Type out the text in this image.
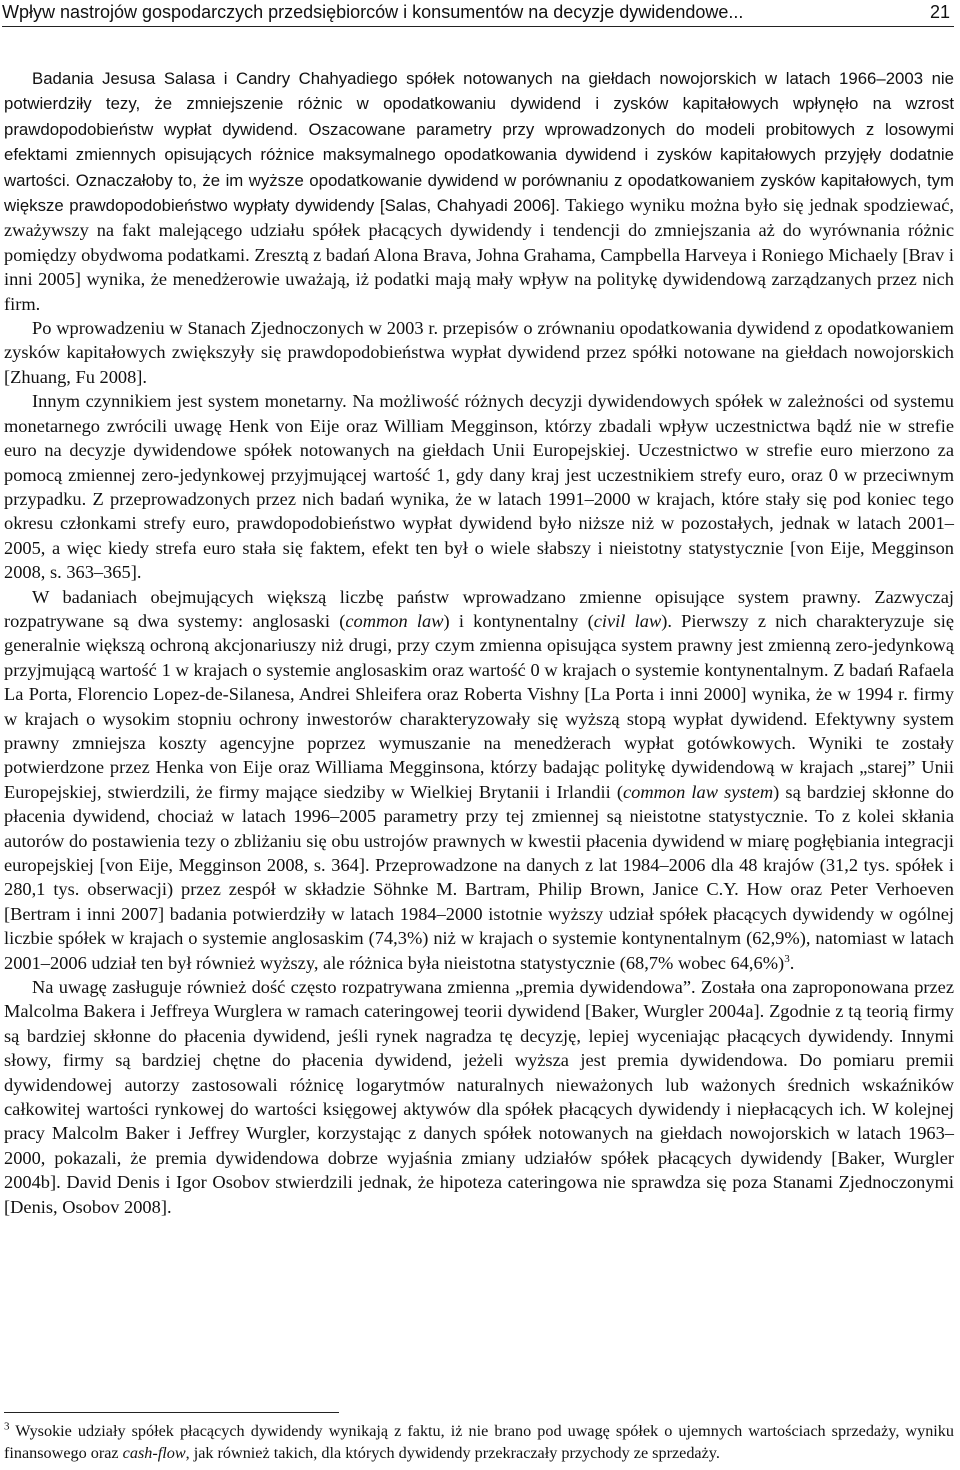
Wpływ nastrojów gospodarczych przedsiębiorców i konsumentów na decyzje dywidendowe...	21

Badania Jesusa Salasa i Candry Chahyadiego spółek notowanych na giełdach nowojorskich w latach 1966–2003 nie potwierdziły tezy, że zmniejszenie różnic w opodatkowaniu dywidend i zysków kapitałowych wpłynęło na wzrost prawdopodobieństw wypłat dywidend. Oszacowane parametry przy wprowadzonych do modeli probitowych z losowymi efektami zmiennych opisujących różnice maksymalnego opodatkowania dywidend i zysków kapitałowych przyjęły dodatnie wartości. Oznaczałoby to, że im wyższe opodatkowanie dywidend w porównaniu z opodatkowaniem zysków kapitałowych, tym większe prawdopodobieństwo wypłaty dywidendy [Salas, Chahyadi 2006]. Takiego wyniku można było się jednak spodziewać, zważywszy na fakt malejącego udziału spółek płacących dywidendy i tendencji do zmniejszania aż do wyrównania różnic pomiędzy obydwoma podatkami. Zresztą z badań Alona Brava, Johna Grahama, Campbella Harveya i Roniego Michaely [Brav i inni 2005] wynika, że menedżerowie uważają, iż podatki mają mały wpływ na politykę dywidendową zarządzanych przez nich firm.

Po wprowadzeniu w Stanach Zjednoczonych w 2003 r. przepisów o zrównaniu opodatkowania dywidend z opodatkowaniem zysków kapitałowych zwiększyły się prawdopodobieństwa wypłat dywidend przez spółki notowane na giełdach nowojorskich [Zhuang, Fu 2008].

Innym czynnikiem jest system monetarny. Na możliwość różnych decyzji dywidendowych spółek w zależności od systemu monetarnego zwrócili uwagę Henk von Eije oraz William Megginson, którzy zbadali wpływ uczestnictwa bądź nie w strefie euro na decyzje dywidendowe spółek notowanych na giełdach Unii Europejskiej. Uczestnictwo w strefie euro mierzono za pomocą zmiennej zero-jedynkowej przyjmującej wartość 1, gdy dany kraj jest uczestnikiem strefy euro, oraz 0 w przeciwnym przypadku. Z przeprowadzonych przez nich badań wynika, że w latach 1991–2000 w krajach, które stały się pod koniec tego okresu członkami strefy euro, prawdopodobieństwo wypłat dywidend było niższe niż w pozostałych, jednak w latach 2001–2005, a więc kiedy strefa euro stała się faktem, efekt ten był o wiele słabszy i nieistotny statystycznie [von Eije, Megginson 2008, s. 363–365].

W badaniach obejmujących większą liczbę państw wprowadzano zmienne opisujące system prawny. Zazwyczaj rozpatrywane są dwa systemy: anglosaski (common law) i kontynentalny (civil law). Pierwszy z nich charakteryzuje się generalnie większą ochroną akcjonariuszy niż drugi, przy czym zmienna opisująca system prawny jest zmienną zero-jedynkową przyjmującą wartość 1 w krajach o systemie anglosaskim oraz wartość 0 w krajach o systemie kontynentalnym. Z badań Rafaela La Porta, Florencio Lopez-de-Silanesa, Andrei Shleifera oraz Roberta Vishny [La Porta i inni 2000] wynika, że w 1994 r. firmy w krajach o wysokim stopniu ochrony inwestorów charakteryzowały się wyższą stopą wypłat dywidend. Efektywny system prawny zmniejsza koszty agencyjne poprzez wymuszanie na menedżerach wypłat gotówkowych. Wyniki te zostały potwierdzone przez Henka von Eije oraz Williama Megginsona, którzy badając politykę dywidendową w krajach „starej” Unii Europejskiej, stwierdzili, że firmy mające siedziby w Wielkiej Brytanii i Irlandii (common law system) są bardziej skłonne do płacenia dywidend, chociaż w latach 1996–2005 parametry przy tej zmiennej są nieistotne statystycznie. To z kolei skłania autorów do postawienia tezy o zbliżaniu się obu ustrojów prawnych w kwestii płacenia dywidend w miarę pogłębiania integracji europejskiej [von Eije, Megginson 2008, s. 364]. Przeprowadzone na danych z lat 1984–2006 dla 48 krajów (31,2 tys. spółek i 280,1 tys. obserwacji) przez zespół w składzie Söhnke M. Bartram, Philip Brown, Janice C.Y. How oraz Peter Verhoeven [Bertram i inni 2007] badania potwierdziły w latach 1984–2000 istotnie wyższy udział spółek płacących dywidendy w ogólnej liczbie spółek w krajach o systemie anglosaskim (74,3%) niż w krajach o systemie kontynentalnym (62,9%), natomiast w latach 2001–2006 udział ten był również wyższy, ale różnica była nieistotna statystycznie (68,7% wobec 64,6%)$^3$.

Na uwagę zasługuje również dość często rozpatrywana zmienna „premia dywidendowa”. Została ona zaproponowana przez Malcolma Bakera i Jeffreya Wurglera w ramach cateringowej teorii dywidend [Baker, Wurgler 2004a]. Zgodnie z tą teorią firmy są bardziej skłonne do płacenia dywidend, jeśli rynek nagradza tę decyzję, lepiej wyceniając płacących dywidendy. Innymi słowy, firmy są bardziej chętne do płacenia dywidend, jeżeli wyższa jest premia dywidendowa. Do pomiaru premii dywidendowej autorzy zastosowali różnicę logarytmów naturalnych nieważonych lub ważonych średnich wskaźników całkowitej wartości rynkowej do wartości księgowej aktywów dla spółek płacących dywidendy i niepłacących ich. W kolejnej pracy Malcolm Baker i Jeffrey Wurgler, korzystając z danych spółek notowanych na giełdach nowojorskich w latach 1963–2000, pokazali, że premia dywidendowa dobrze wyjaśnia zmiany udziałów spółek płacących dywidendy [Baker, Wurgler 2004b]. David Denis i Igor Osobov stwierdzili jednak, że hipoteza cateringowa nie sprawdza się poza Stanami Zjednoczonymi [Denis, Osobov 2008].

$^3$ Wysokie udziały spółek płacących dywidendy wynikają z faktu, iż nie brano pod uwagę spółek o ujemnych wartościach sprzedaży, wyniku finansowego oraz cash-flow, jak również takich, dla których dywidendy przekraczały przychody ze sprzedaży.
